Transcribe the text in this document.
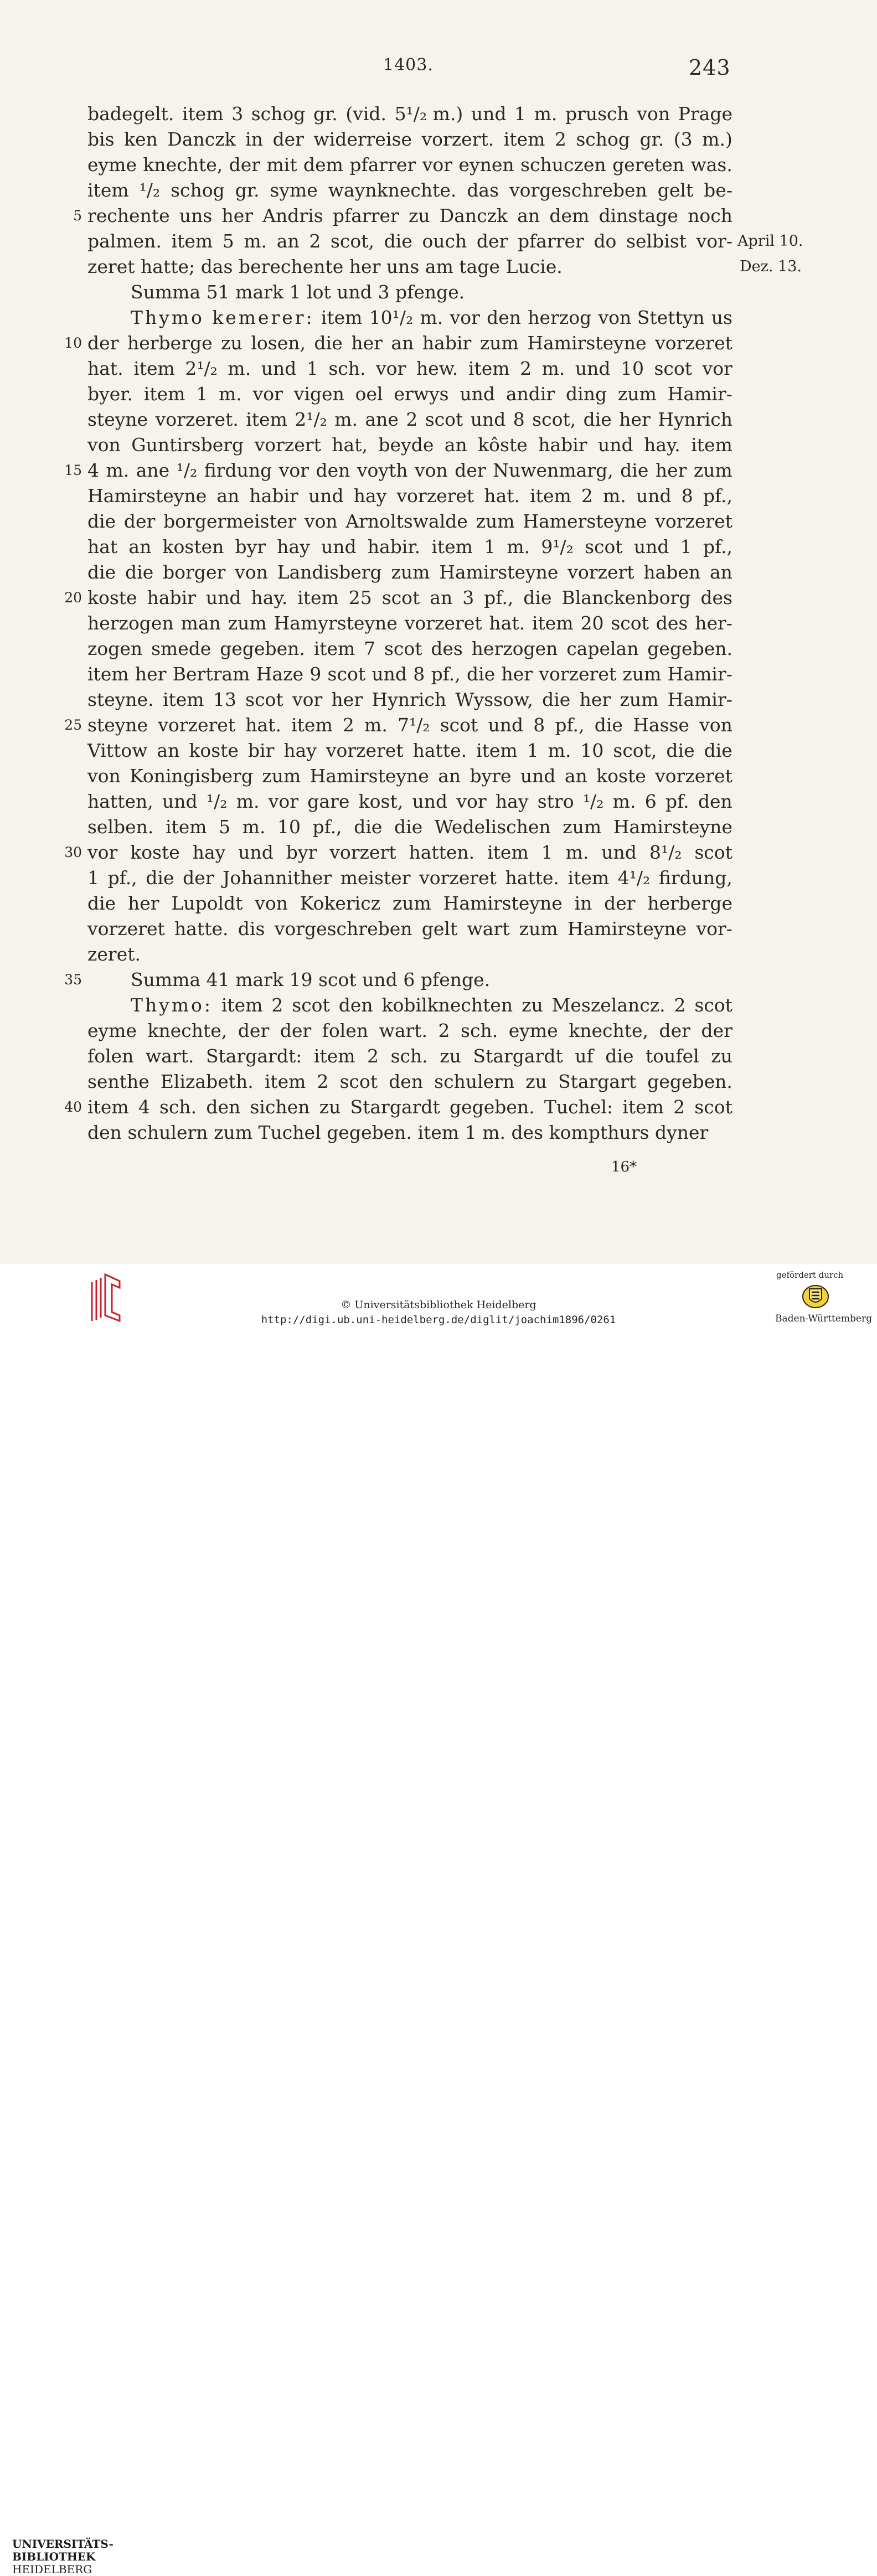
1403.	243
badegelt. item 3 schog gr. (vid. 5¹/₂ m.) und 1 m. prusch von Prage
bis ken Danczk in der widerreise vorzert. item 2 schog gr. (3 m.)
eyme knechte, der mit dem pfarrer vor eynen schuczen gereten was.
item ¹/₂ schog gr. syme waynknechte. das vorgeschreben gelt be-
rechente uns her Andris pfarrer zu Danczk an dem dinstage noch
palmen. item 5 m. an 2 scot, die ouch der pfarrer do selbist vor-
zeret hatte; das berechente her uns am tage Lucie.
Summa 51 mark 1 lot und 3 pfenge.
Thymo kemerer: item 10¹/₂ m. vor den herzog von Stettyn us
der herberge zu losen, die her an habir zum Hamirsteyne vorzeret
hat. item 2¹/₂ m. und 1 sch. vor hew. item 2 m. und 10 scot vor
byer. item 1 m. vor vigen oel erwys und andir ding zum Hamir-
steyne vorzeret. item 2¹/₂ m. ane 2 scot und 8 scot, die her Hynrich
von Guntirsberg vorzert hat, beyde an kôste habir und hay. item
4 m. ane ¹/₂ firdung vor den voyth von der Nuwenmarg, die her zum
Hamirsteyne an habir und hay vorzeret hat. item 2 m. und 8 pf.,
die der borgermeister von Arnoltswalde zum Hamersteyne vorzeret
hat an kosten byr hay und habir. item 1 m. 9¹/₂ scot und 1 pf.,
die die borger von Landisberg zum Hamirsteyne vorzert haben an
koste habir und hay. item 25 scot an 3 pf., die Blanckenborg des
herzogen man zum Hamyrsteyne vorzeret hat. item 20 scot des her-
zogen smede gegeben. item 7 scot des herzogen capelan gegeben.
item her Bertram Haze 9 scot und 8 pf., die her vorzeret zum Hamir-
steyne. item 13 scot vor her Hynrich Wyssow, die her zum Hamir-
steyne vorzeret hat. item 2 m. 7¹/₂ scot und 8 pf., die Hasse von
Vittow an koste bir hay vorzeret hatte. item 1 m. 10 scot, die die
von Koningisberg zum Hamirsteyne an byre und an koste vorzeret
hatten, und ¹/₂ m. vor gare kost, und vor hay stro ¹/₂ m. 6 pf. den
selben. item 5 m. 10 pf., die die Wedelischen zum Hamirsteyne
vor koste hay und byr vorzert hatten. item 1 m. und 8¹/₂ scot
1 pf., die der Johannither meister vorzeret hatte. item 4¹/₂ firdung,
die her Lupoldt von Kokericz zum Hamirsteyne in der herberge
vorzeret hatte. dis vorgeschreben gelt wart zum Hamirsteyne vor-
zeret.
Summa 41 mark 19 scot und 6 pfenge.
Thymo: item 2 scot den kobilknechten zu Meszelancz. 2 scot
eyme knechte, der der folen wart. 2 sch. eyme knechte, der der
folen wart. Stargardt: item 2 sch. zu Stargardt uf die toufel zu
senthe Elizabeth. item 2 scot den schulern zu Stargart gegeben.
item 4 sch. den sichen zu Stargardt gegeben. Tuchel: item 2 scot
den schulern zum Tuchel gegeben. item 1 m. des kompthurs dyner
5
10
15
20
25
30
35
40
April 10.
Dez. 13.
16*
UNIVERSITÄTS-
BIBLIOTHEK
HEIDELBERG
© Universitätsbibliothek Heidelberg
http://digi.ub.uni-heidelberg.de/diglit/joachim1896/0261
gefördert durch
Baden-Württemberg
